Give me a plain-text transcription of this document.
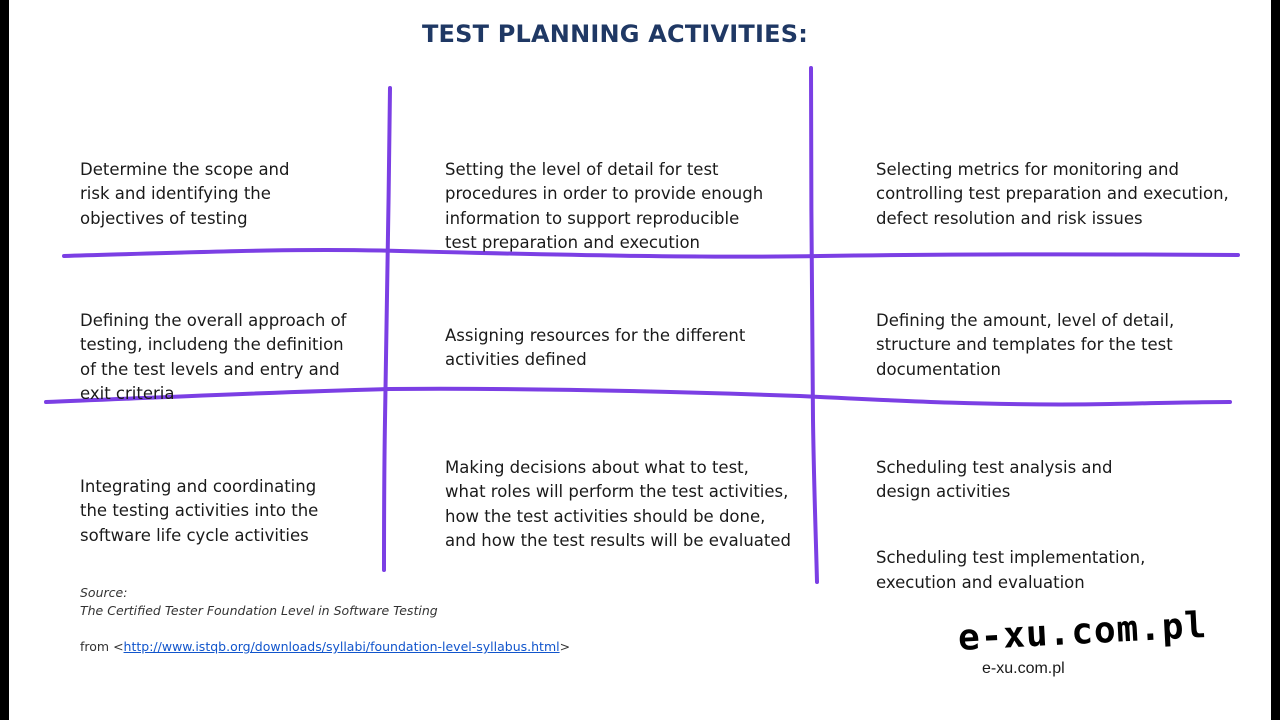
TEST PLANNING ACTIVITIES:

Determine the scope and
risk and identifying the
objectives of testing

Setting the level of detail for test
procedures in order to provide enough
information to support reproducible
test preparation and execution

Selecting metrics for monitoring and
controlling test preparation and execution,
defect resolution and risk issues

Defining the overall approach of
testing, includeng the definition
of the test levels and entry and
exit criteria

Assigning resources for the different
activities defined

Defining the amount, level of detail,
structure and templates for the test
documentation

Integrating and coordinating
the testing activities into the
software life cycle activities

Making decisions about what to test,
what roles will perform the test activities,
how the test activities should be done,
and how the test results will be evaluated

Scheduling test analysis and
design activities

Scheduling test implementation,
execution and evaluation

Source:
The Certified Tester Foundation Level in Software Testing
from <http://www.istqb.org/downloads/syllabi/foundation-level-syllabus.html>	e-xu.com.pl
e-xu.com.pl
